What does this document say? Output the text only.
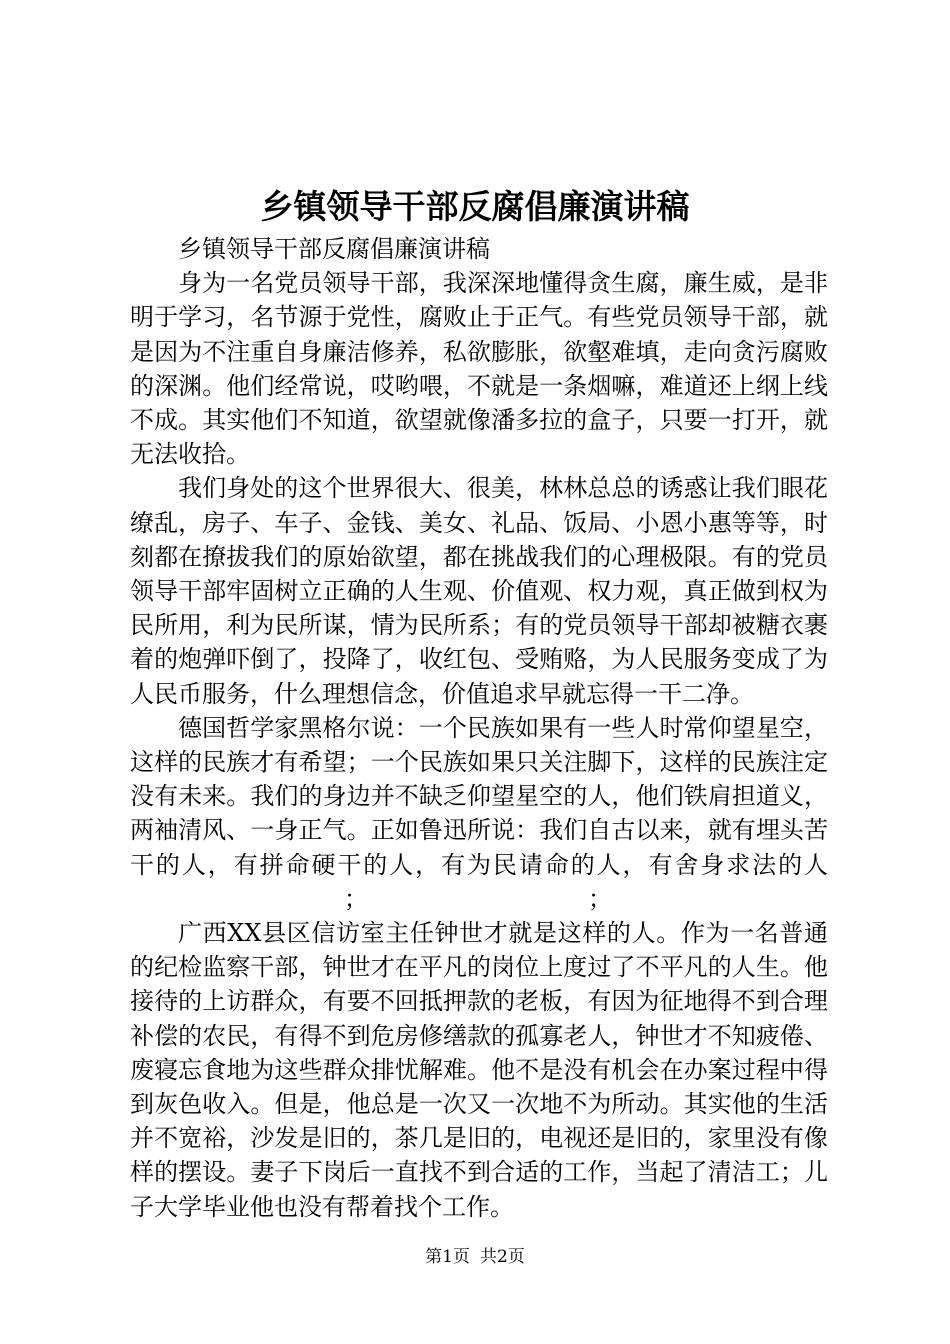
乡镇领导干部反腐倡廉演讲稿

乡镇领导干部反腐倡廉演讲稿

身为一名党员领导干部，我深深地懂得贪生腐，廉生威，是非明于学习，名节源于党性，腐败止于正气。有些党员领导干部，就是因为不注重自身廉洁修养，私欲膨胀，欲壑难填，走向贪污腐败的深渊。他们经常说，哎哟喂，不就是一条烟嘛，难道还上纲上线不成。其实他们不知道，欲望就像潘多拉的盒子，只要一打开，就无法收拾。

我们身处的这个世界很大、很美，林林总总的诱惑让我们眼花缭乱，房子、车子、金钱、美女、礼品、饭局、小恩小惠等等，时刻都在撩拔我们的原始欲望，都在挑战我们的心理极限。有的党员领导干部牢固树立正确的人生观、价值观、权力观，真正做到权为民所用，利为民所谋，情为民所系；有的党员领导干部却被糖衣裹着的炮弹吓倒了，投降了，收红包、受贿赂，为人民服务变成了为人民币服务，什么理想信念，价值追求早就忘得一干二净。

德国哲学家黑格尔说：一个民族如果有一些人时常仰望星空，这样的民族才有希望；一个民族如果只关注脚下，这样的民族注定没有未来。我们的身边并不缺乏仰望星空的人，他们铁肩担道义，两袖清风、一身正气。正如鲁迅所说：我们自古以来，就有埋头苦干的人，有拼命硬干的人，有为民请命的人，有舍身求法的人；	；

广西XX县区信访室主任钟世才就是这样的人。作为一名普通的纪检监察干部，钟世才在平凡的岗位上度过了不平凡的人生。他接待的上访群众，有要不回抵押款的老板，有因为征地得不到合理补偿的农民，有得不到危房修缮款的孤寡老人，钟世才不知疲倦、废寝忘食地为这些群众排忧解难。他不是没有机会在办案过程中得到灰色收入。但是，他总是一次又一次地不为所动。其实他的生活并不宽裕，沙发是旧的，茶几是旧的，电视还是旧的，家里没有像样的摆设。妻子下岗后一直找不到合适的工作，当起了清洁工；儿子大学毕业他也没有帮着找个工作。

第1页 共2页
